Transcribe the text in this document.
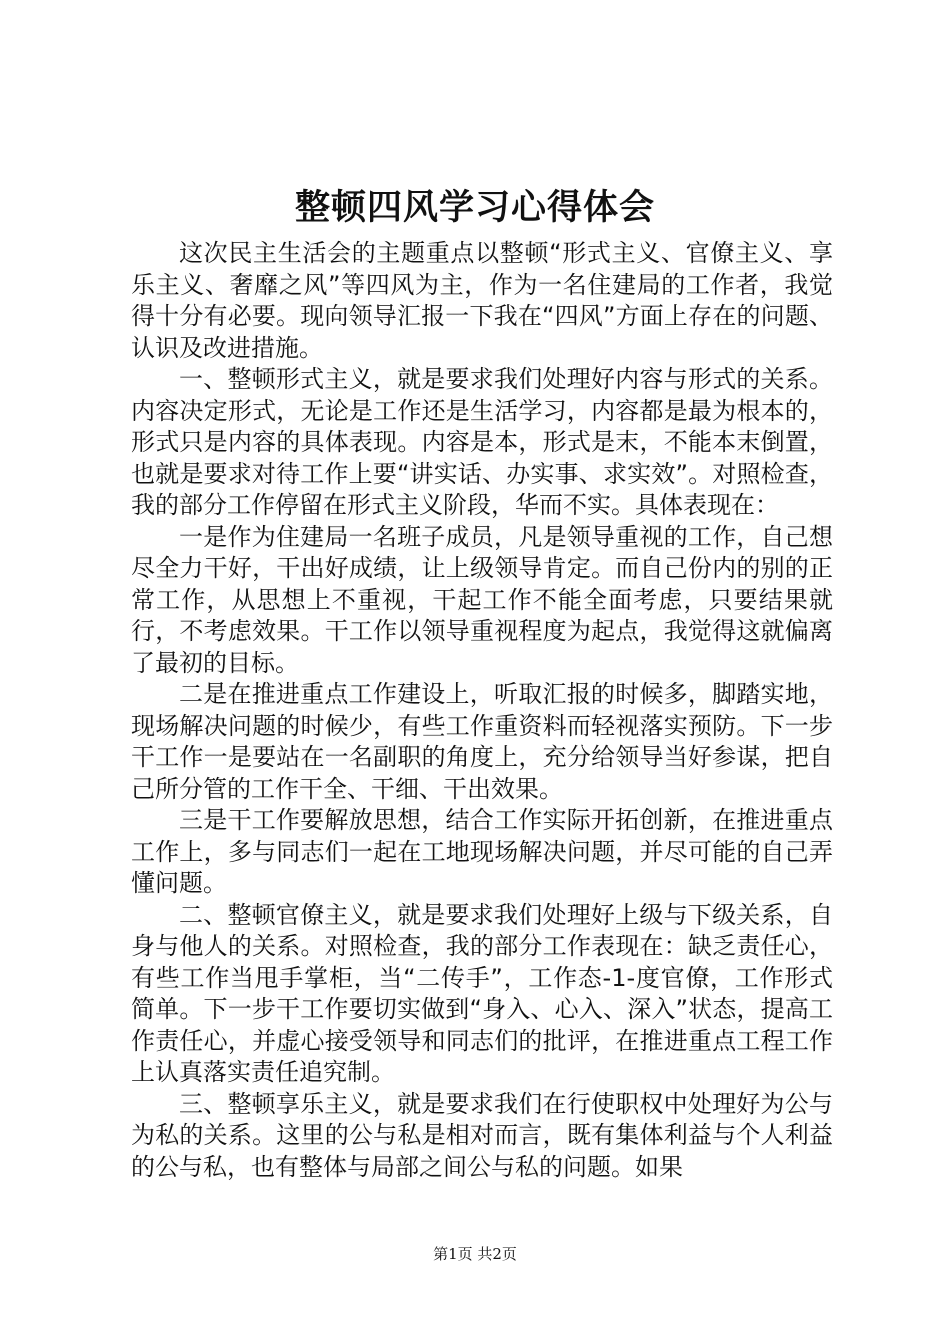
整顿四风学习心得体会

这次民主生活会的主题重点以整顿“形式主义、官僚主义、享乐主义、奢靡之风”等四风为主，作为一名住建局的工作者，我觉得十分有必要。现向领导汇报一下我在“四风”方面上存在的问题、认识及改进措施。

一、整顿形式主义，就是要求我们处理好内容与形式的关系。内容决定形式，无论是工作还是生活学习，内容都是最为根本的，形式只是内容的具体表现。内容是本，形式是末，不能本末倒置，也就是要求对待工作上要“讲实话、办实事、求实效”。对照检查，我的部分工作停留在形式主义阶段，华而不实。具体表现在：

一是作为住建局一名班子成员，凡是领导重视的工作，自己想尽全力干好，干出好成绩，让上级领导肯定。而自己份内的别的正常工作，从思想上不重视，干起工作不能全面考虑，只要结果就行，不考虑效果。干工作以领导重视程度为起点，我觉得这就偏离了最初的目标。

二是在推进重点工作建设上，听取汇报的时候多，脚踏实地，现场解决问题的时候少，有些工作重资料而轻视落实预防。下一步干工作一是要站在一名副职的角度上，充分给领导当好参谋，把自己所分管的工作干全、干细、干出效果。

三是干工作要解放思想，结合工作实际开拓创新，在推进重点工作上，多与同志们一起在工地现场解决问题，并尽可能的自己弄懂问题。

二、整顿官僚主义，就是要求我们处理好上级与下级关系，自身与他人的关系。对照检查，我的部分工作表现在：缺乏责任心，有些工作当甩手掌柜，当“二传手”，工作态-1-度官僚，工作形式简单。下一步干工作要切实做到“身入、心入、深入”状态，提高工作责任心，并虚心接受领导和同志们的批评，在推进重点工程工作上认真落实责任追究制。

三、整顿享乐主义，就是要求我们在行使职权中处理好为公与为私的关系。这里的公与私是相对而言，既有集体利益与个人利益的公与私，也有整体与局部之间公与私的问题。如果

第1页 共2页
